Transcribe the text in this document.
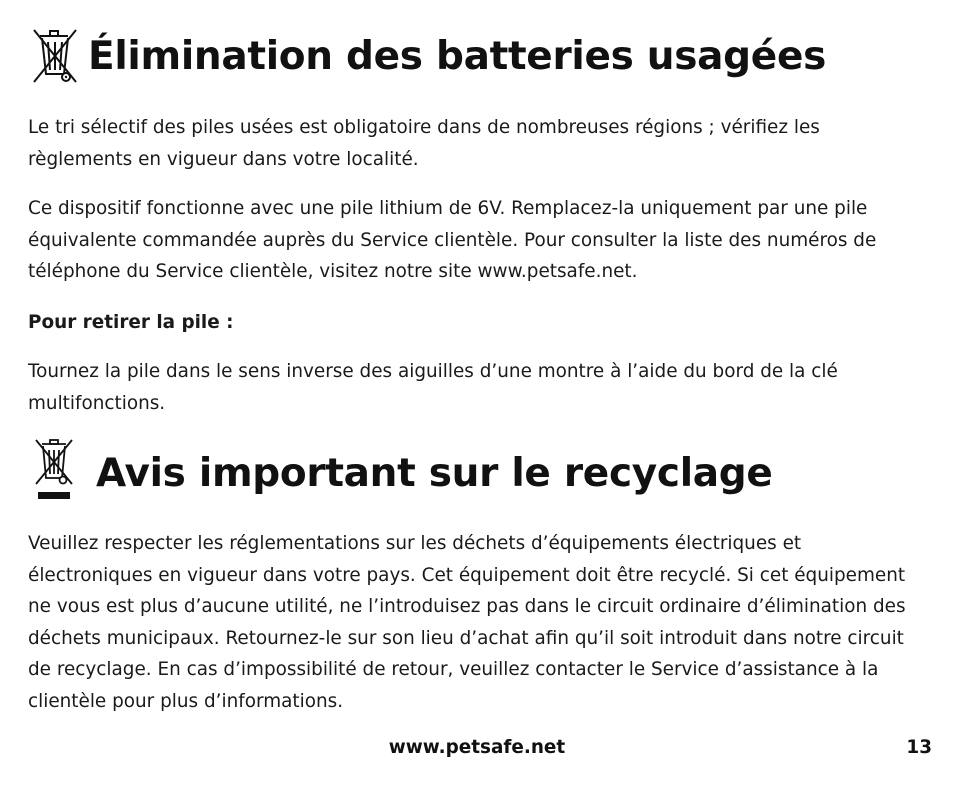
Élimination des batteries usagées

Le tri sélectif des piles usées est obligatoire dans de nombreuses régions ; vérifiez les règlements en vigueur dans votre localité.

Ce dispositif fonctionne avec une pile lithium de 6V. Remplacez-la uniquement par une pile équivalente commandée auprès du Service clientèle. Pour consulter la liste des numéros de téléphone du Service clientèle, visitez notre site www.petsafe.net.

Pour retirer la pile :

Tournez la pile dans le sens inverse des aiguilles d’une montre à l’aide du bord de la clé multifonctions.

Avis important sur le recyclage

Veuillez respecter les réglementations sur les déchets d’équipements électriques et électroniques en vigueur dans votre pays. Cet équipement doit être recyclé. Si cet équipement ne vous est plus d’aucune utilité, ne l’introduisez pas dans le circuit ordinaire d’élimination des déchets municipaux. Retournez-le sur son lieu d’achat afin qu’il soit introduit dans notre circuit de recyclage. En cas d’impossibilité de retour, veuillez contacter le Service d’assistance à la clientèle pour plus d’informations.

www.petsafe.net	13
